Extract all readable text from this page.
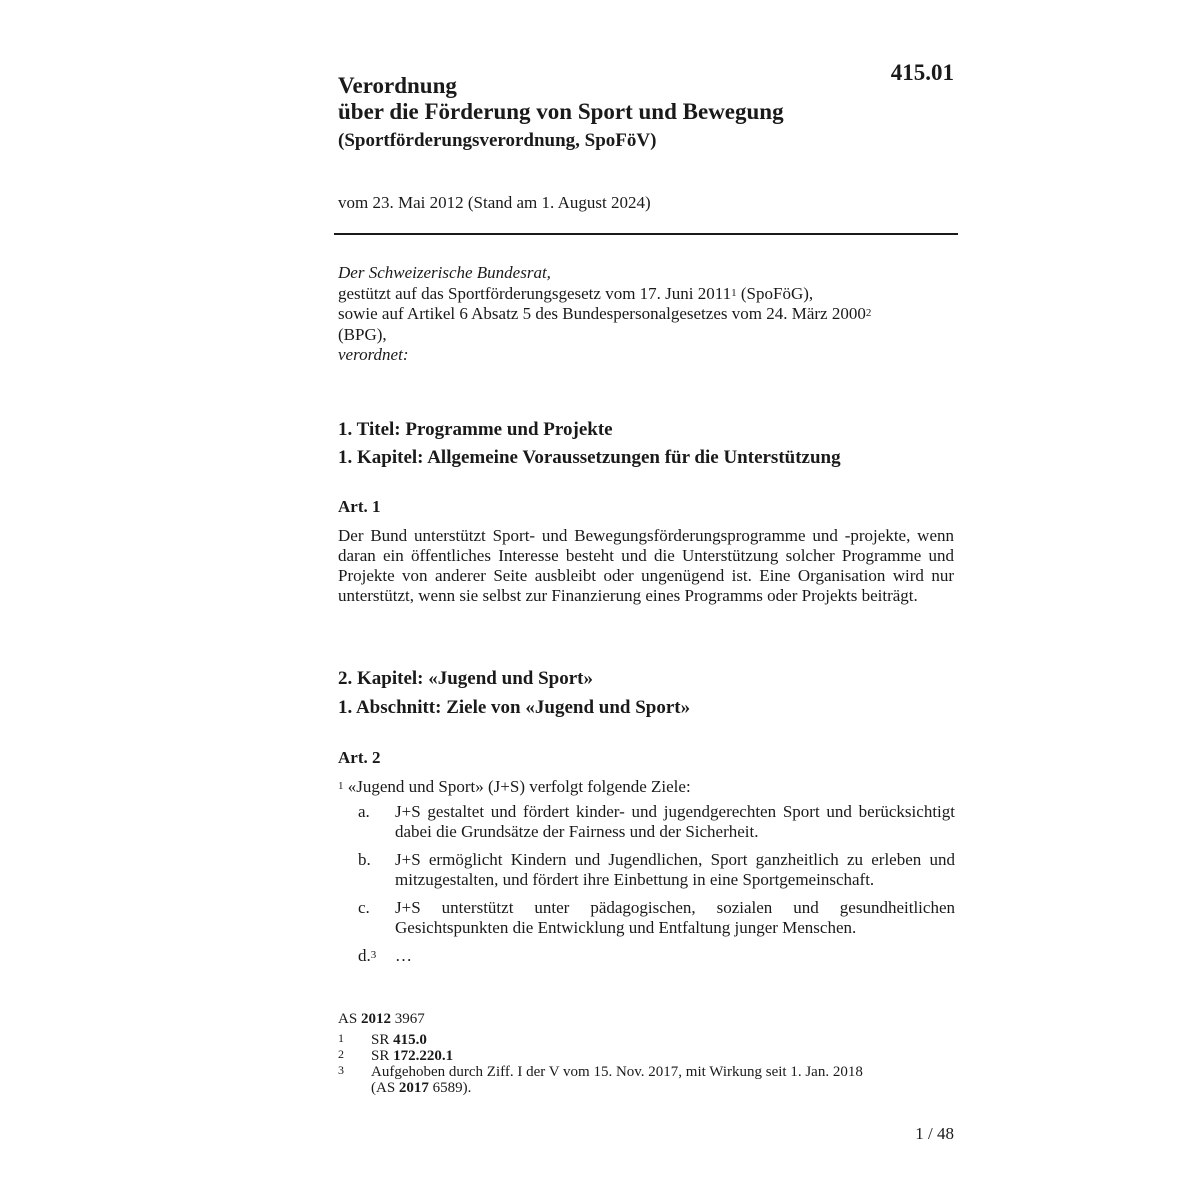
415.01
Verordnung
über die Förderung von Sport und Bewegung
(Sportförderungsverordnung, SpoFöV)
vom 23. Mai 2012 (Stand am 1. August 2024)
Der Schweizerische Bundesrat,
gestützt auf das Sportförderungsgesetz vom 17. Juni 2011$^1$ (SpoFöG),
sowie auf Artikel 6 Absatz 5 des Bundespersonalgesetzes vom 24. März 2000$^2$
(BPG),
verordnet:
1. Titel: Programme und Projekte
1. Kapitel: Allgemeine Voraussetzungen für die Unterstützung
Art. 1
Der Bund unterstützt Sport- und Bewegungsförderungsprogramme und -projekte, wenn daran ein öffentliches Interesse besteht und die Unterstützung solcher Programme und Projekte von anderer Seite ausbleibt oder ungenügend ist. Eine Organisation wird nur unterstützt, wenn sie selbst zur Finanzierung eines Programms oder Projekts beiträgt.
2. Kapitel: «Jugend und Sport»
1. Abschnitt: Ziele von «Jugend und Sport»
Art. 2
$^1$ «Jugend und Sport» (J+S) verfolgt folgende Ziele:
a. J+S gestaltet und fördert kinder- und jugendgerechten Sport und berücksichtigt dabei die Grundsätze der Fairness und der Sicherheit.
b. J+S ermöglicht Kindern und Jugendlichen, Sport ganzheitlich zu erleben und mitzugestalten, und fördert ihre Einbettung in eine Sportgemeinschaft.
c. J+S unterstützt unter pädagogischen, sozialen und gesundheitlichen Gesichtspunkten die Entwicklung und Entfaltung junger Menschen.
d.$^3$ …
AS 2012 3967
1 SR 415.0
2 SR 172.220.1
3 Aufgehoben durch Ziff. I der V vom 15. Nov. 2017, mit Wirkung seit 1. Jan. 2018
(AS 2017 6589).
1 / 48
